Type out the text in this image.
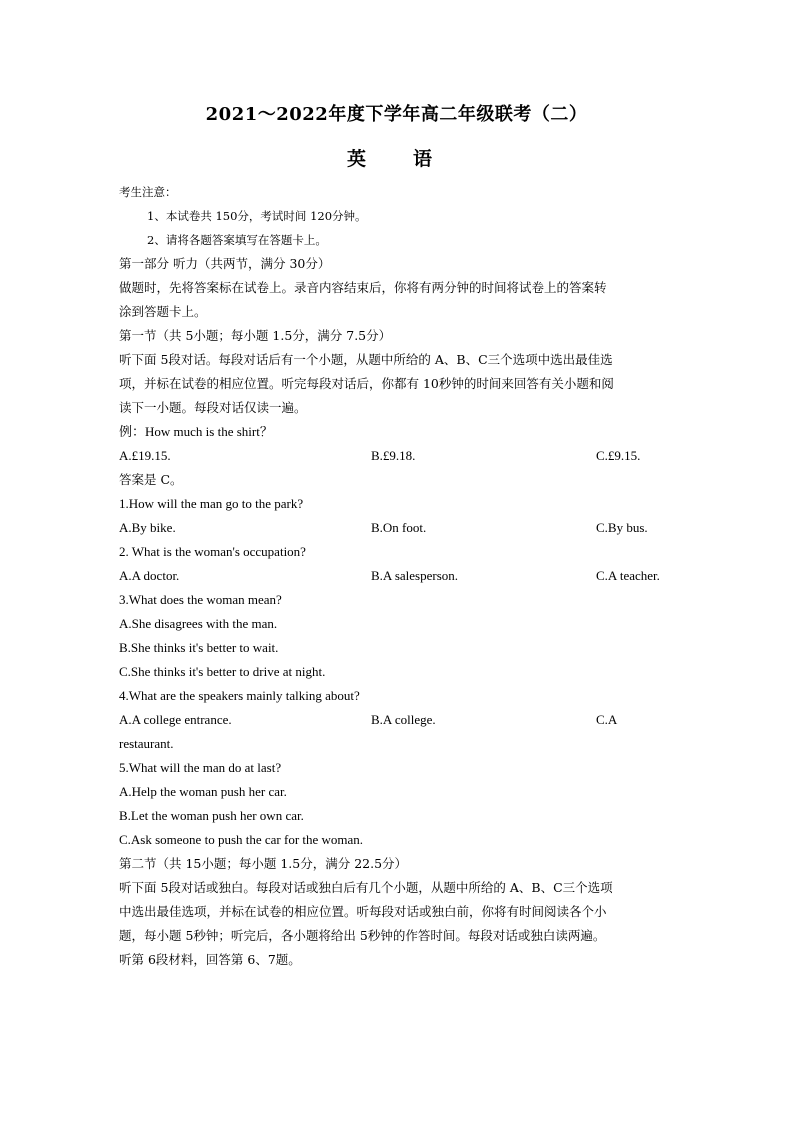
2021～2022年度下学年高二年级联考（二）
英　语
考生注意：
1、本试卷共 150分，考试时间 120分钟。
2、请将各题答案填写在答题卡上。
第一部分 听力（共两节，满分 30分）
做题时，先将答案标在试卷上。录音内容结束后，你将有两分钟的时间将试卷上的答案转
涂到答题卡上。
第一节（共 5小题；每小题 1.5分，满分 7.5分）
听下面 5段对话。每段对话后有一个小题，从题中所给的 A、B、C三个选项中选出最佳选
项，并标在试卷的相应位置。听完每段对话后，你都有 10秒钟的时间来回答有关小题和阅
读下一小题。每段对话仅读一遍。
例：How much is the shirt？
A.£19.15.	B.£9.18.	C.£9.15.
答案是 C。
1.How will the man go to the park?
A.By bike.	B.On foot.	C.By bus.
2. What is the woman's occupation?
A.A doctor.	B.A salesperson.	C.A teacher.
3.What does the woman mean?
A.She disagrees with the man.
B.She thinks it's better to wait.
C.She thinks it's better to drive at night.
4.What are the speakers mainly talking about?
A.A college entrance.	B.A college.	C.A
restaurant.
5.What will the man do at last?
A.Help the woman push her car.
B.Let the woman push her own car.
C.Ask someone to push the car for the woman.
第二节（共 15小题；每小题 1.5分，满分 22.5分）
听下面 5段对话或独白。每段对话或独白后有几个小题，从题中所给的 A、B、C三个选项
中选出最佳选项，并标在试卷的相应位置。听每段对话或独白前，你将有时间阅读各个小
题，每小题 5秒钟；听完后，各小题将给出 5秒钟的作答时间。每段对话或独白读两遍。
听第 6段材料，回答第 6、7题。
